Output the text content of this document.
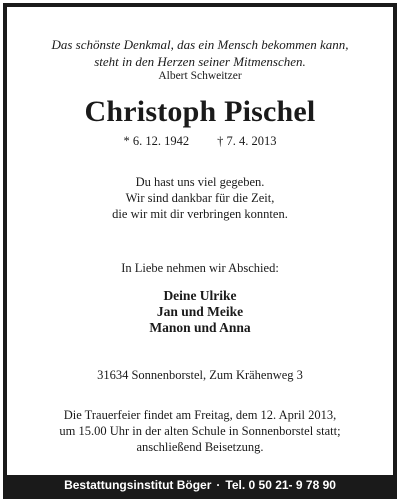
Das schönste Denkmal, das ein Mensch bekommen kann,
steht in den Herzen seiner Mitmenschen.
Albert Schweitzer
Christoph Pischel
* 6. 12. 1942 † 7. 4. 2013
Du hast uns viel gegeben.
Wir sind dankbar für die Zeit,
die wir mit dir verbringen konnten.
In Liebe nehmen wir Abschied:
Deine Ulrike
Jan und Meike
Manon und Anna
31634 Sonnenborstel, Zum Krähenweg 3
Die Trauerfeier findet am Freitag, dem 12. April 2013,
um 15.00 Uhr in der alten Schule in Sonnenborstel statt;
anschließend Beisetzung.
Bestattungsinstitut Böger · Tel. 0 50 21- 9 78 90
